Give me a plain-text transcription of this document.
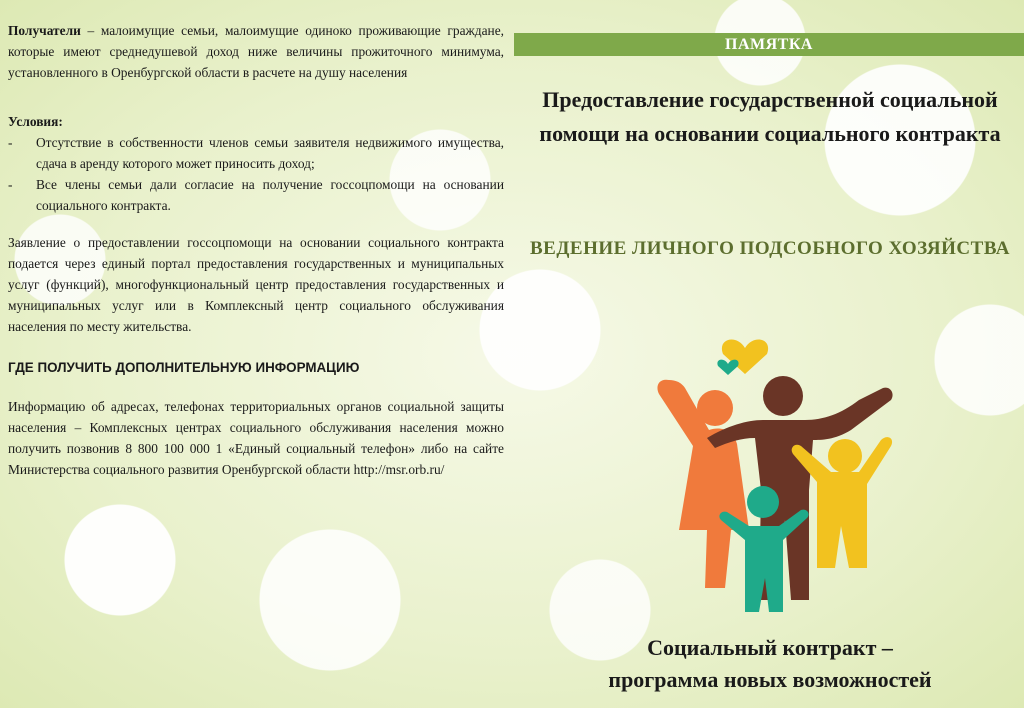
Получатели – малоимущие семьи, малоимущие одиноко проживающие граждане, которые имеют среднедушевой доход ниже величины прожиточного минимума, установленного в Оренбургской области в расчете на душу населения

Условия:
-	Отсутствие в собственности членов семьи заявителя недвижимого имущества, сдача в аренду которого может приносить доход;
-	Все члены семьи дали согласие на получение госсоцпомощи на основании социального контракта.

Заявление о предоставлении госсоцпомощи на основании социального контракта подается через единый портал предоставления государственных и муниципальных услуг (функций), многофункциональный центр предоставления государственных и муниципальных услуг или в Комплексный центр социального обслуживания населения по месту жительства.

ГДЕ ПОЛУЧИТЬ ДОПОЛНИТЕЛЬНУЮ ИНФОРМАЦИЮ

Информацию об адресах, телефонах территориальных органов социальной защиты населения – Комплексных центрах социального обслуживания населения можно получить позвонив 8 800 100 000 1 «Единый социальный телефон» либо на сайте Министерства социального развития Оренбургской области http://msr.orb.ru/

ПАМЯТКА
Предоставление государственной социальной помощи на основании социального контракта
ВЕДЕНИЕ ЛИЧНОГО ПОДСОБНОГО ХОЗЯЙСТВА
Социальный контракт –
программа новых возможностей
